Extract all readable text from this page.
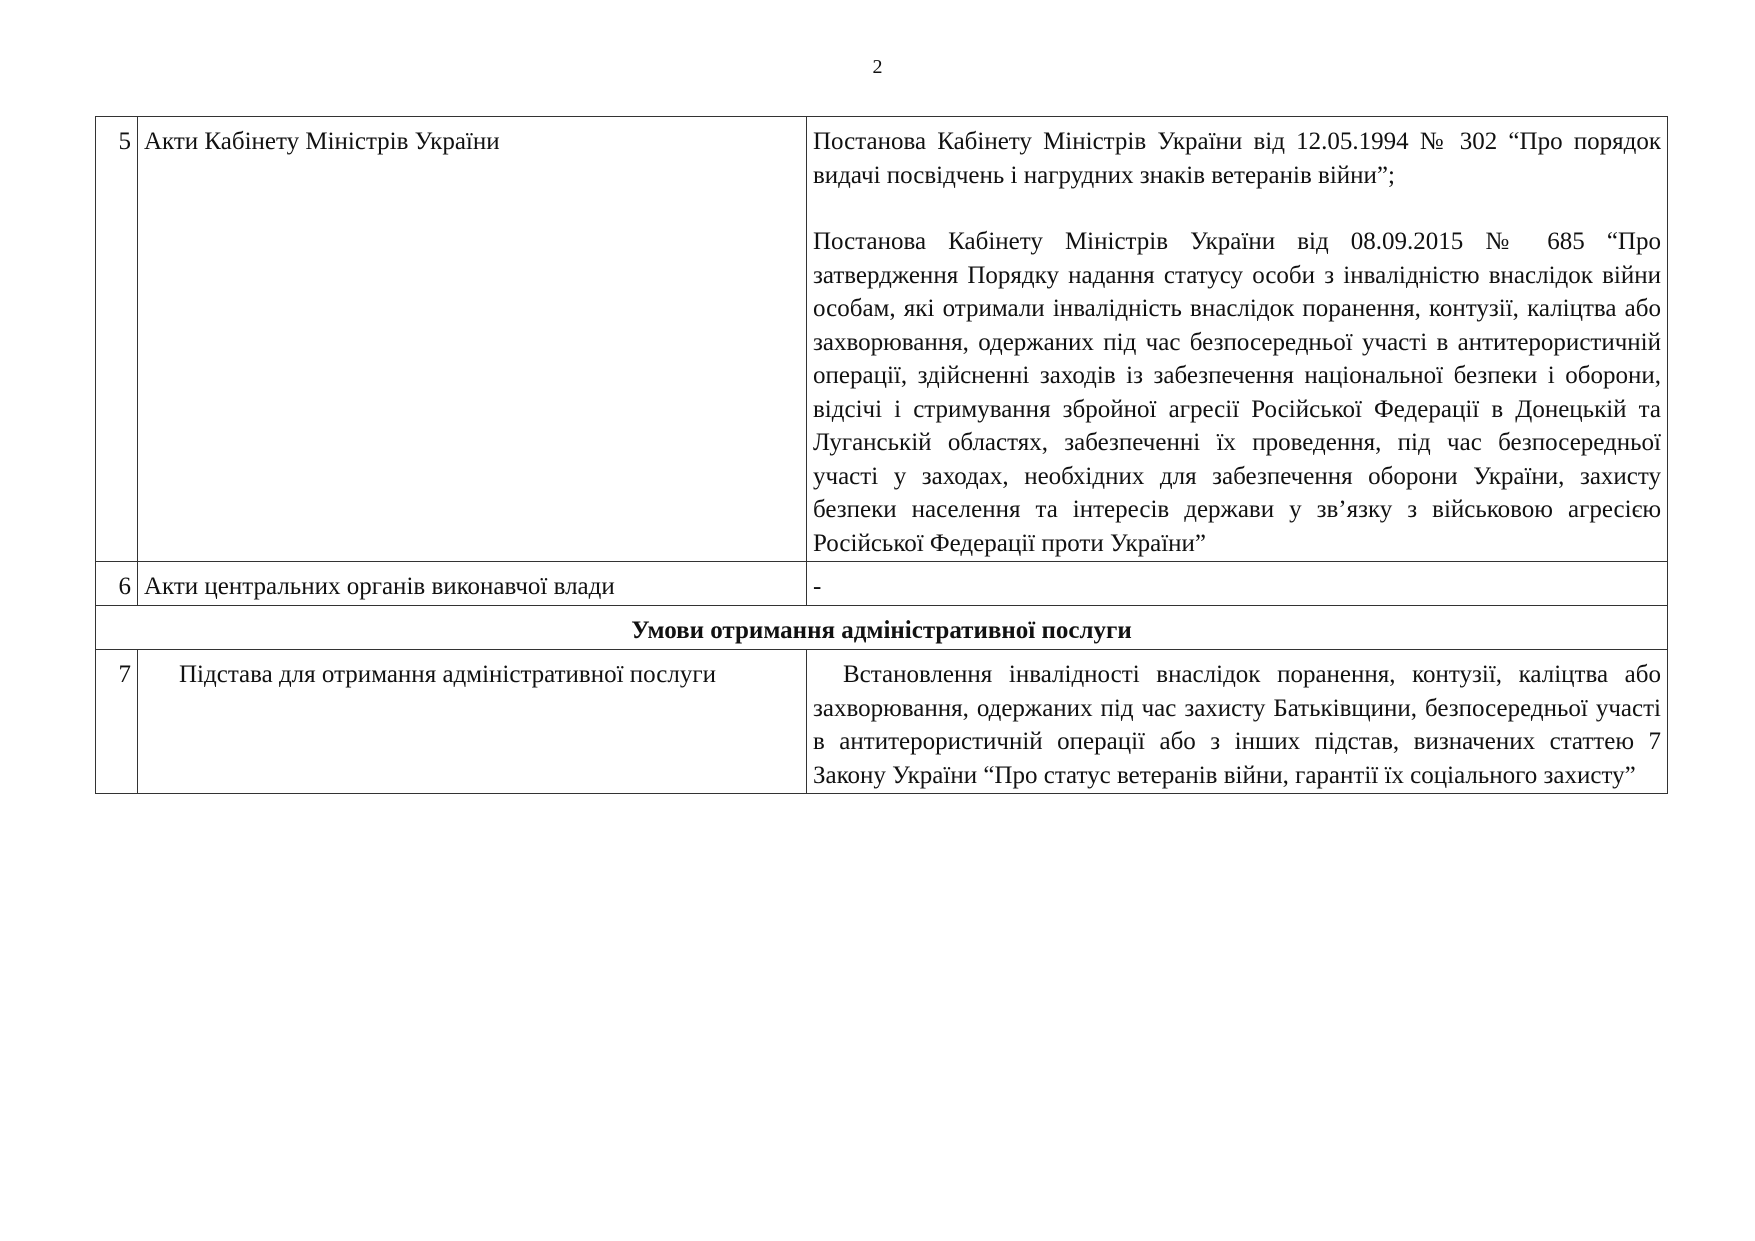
2
5	Акти Кабінету Міністрів України	Постанова Кабінету Міністрів України від 12.05.1994 № 302 “Про порядок видачі посвідчень і нагрудних знаків ветеранів війни”;

Постанова Кабінету Міністрів України від 08.09.2015 № 685 “Про затвердження Порядку надання статусу особи з інвалідністю внаслідок війни особам, які отримали інвалідність внаслідок поранення, контузії, каліцтва або захворювання, одержаних під час безпосередньої участі в антитерористичній операції, здійсненні заходів із забезпечення національної безпеки і оборони, відсічі і стримування збройної агресії Російської Федерації в Донецькій та Луганській областях, забезпеченні їх проведення, під час безпосередньої участі у заходах, необхідних для забезпечення оборони України, захисту безпеки населення та інтересів держави у зв’язку з військовою агресією Російської Федерації проти України”

6	Акти центральних органів виконавчої влади	-
Умови отримання адміністративної послуги		
7	Підстава для отримання адміністративної послуги	Встановлення інвалідності внаслідок поранення, контузії, каліцтва або захворювання, одержаних під час захисту Батьківщини, безпосередньої участі в антитерористичній операції або з інших підстав, визначених статтею 7 Закону України “Про статус ветеранів війни, гарантії їх соціального захисту”
